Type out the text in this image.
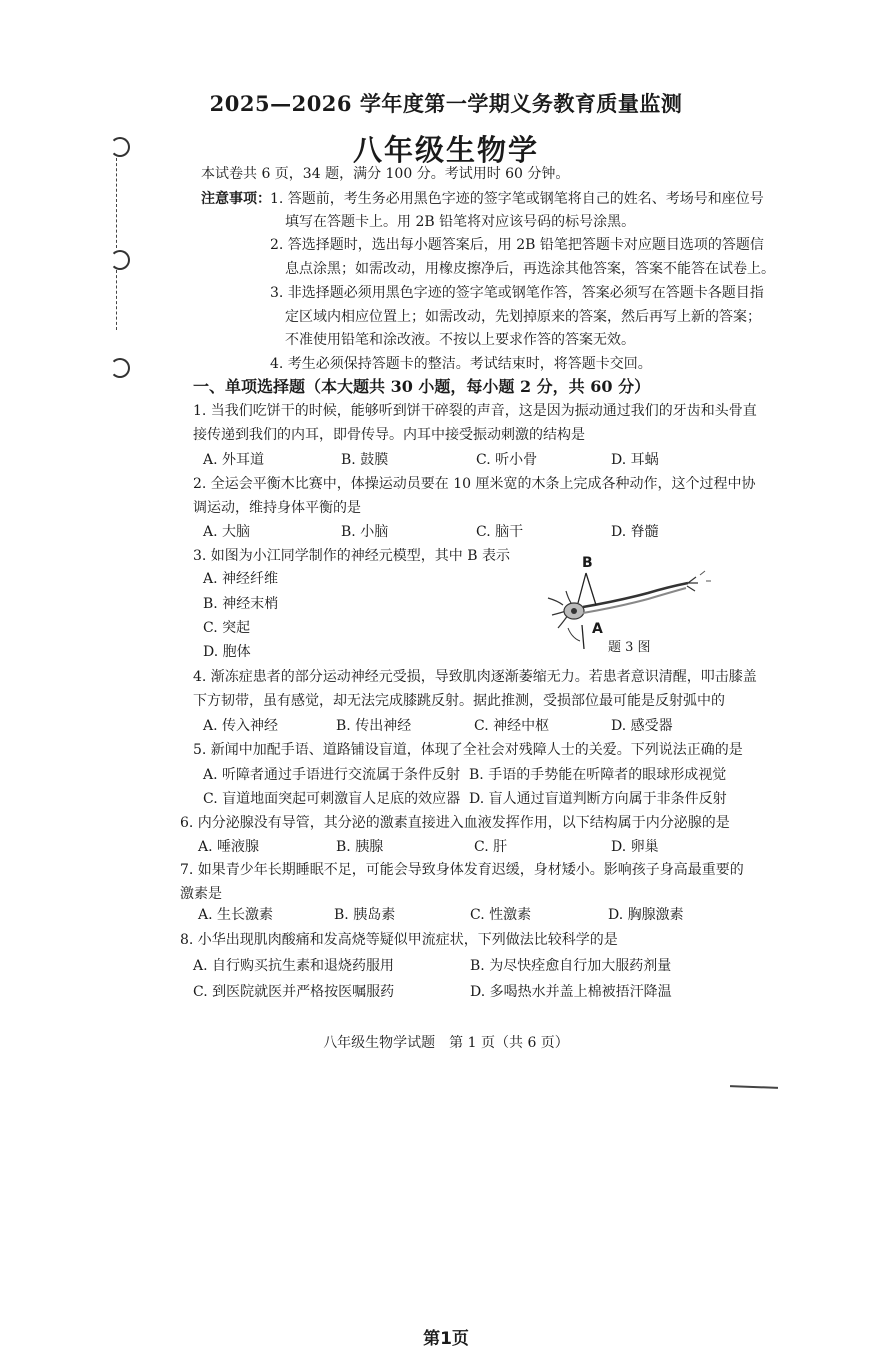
2025—2026 学年度第一学期义务教育质量监测
八年级生物学
本试卷共 6 页，34 题，满分 100 分。考试用时 60 分钟。
注意事项： 1. 答题前，考生务必用黑色字迹的签字笔或钢笔将自己的姓名、考场号和座位号
填写在答题卡上。用 2B 铅笔将对应该号码的标号涂黑。
2. 答选择题时，选出每小题答案后，用 2B 铅笔把答题卡对应题目选项的答题信
息点涂黑；如需改动，用橡皮擦净后，再选涂其他答案，答案不能答在试卷上。
3. 非选择题必须用黑色字迹的签字笔或钢笔作答，答案必须写在答题卡各题目指
定区域内相应位置上；如需改动，先划掉原来的答案，然后再写上新的答案；
不准使用铅笔和涂改液。不按以上要求作答的答案无效。
4. 考生必须保持答题卡的整洁。考试结束时，将答题卡交回。
一、单项选择题（本大题共 30 小题，每小题 2 分，共 60 分）
1. 当我们吃饼干的时候，能够听到饼干碎裂的声音，这是因为振动通过我们的牙齿和头骨直
接传递到我们的内耳，即骨传导。内耳中接受振动刺激的结构是
A. 外耳道	B. 鼓膜	C. 听小骨	D. 耳蜗
2. 全运会平衡木比赛中，体操运动员要在 10 厘米宽的木条上完成各种动作，这个过程中协
调运动，维持身体平衡的是
A. 大脑	B. 小脑	C. 脑干	D. 脊髓
3. 如图为小江同学制作的神经元模型，其中 B 表示
A. 神经纤维
B. 神经末梢
C. 突起
D. 胞体
B
A
题 3 图
4. 渐冻症患者的部分运动神经元受损，导致肌肉逐渐萎缩无力。若患者意识清醒，叩击膝盖
下方韧带，虽有感觉，却无法完成膝跳反射。据此推测，受损部位最可能是反射弧中的
A. 传入神经	B. 传出神经	C. 神经中枢	D. 感受器
5. 新闻中加配手语、道路铺设盲道，体现了全社会对残障人士的关爱。下列说法正确的是
A. 听障者通过手语进行交流属于条件反射 B. 手语的手势能在听障者的眼球形成视觉
C. 盲道地面突起可刺激盲人足底的效应器 D. 盲人通过盲道判断方向属于非条件反射
6. 内分泌腺没有导管，其分泌的激素直接进入血液发挥作用，以下结构属于内分泌腺的是
A. 唾液腺	B. 胰腺	C. 肝	D. 卵巢
7. 如果青少年长期睡眠不足，可能会导致身体发育迟缓，身材矮小。影响孩子身高最重要的
激素是
A. 生长激素	B. 胰岛素	C. 性激素	D. 胸腺激素
8. 小华出现肌肉酸痛和发高烧等疑似甲流症状，下列做法比较科学的是
A. 自行购买抗生素和退烧药服用	B. 为尽快痊愈自行加大服药剂量
C. 到医院就医并严格按医嘱服药	D. 多喝热水并盖上棉被捂汗降温
八年级生物学试题　第 1 页（共 6 页）
第1页
